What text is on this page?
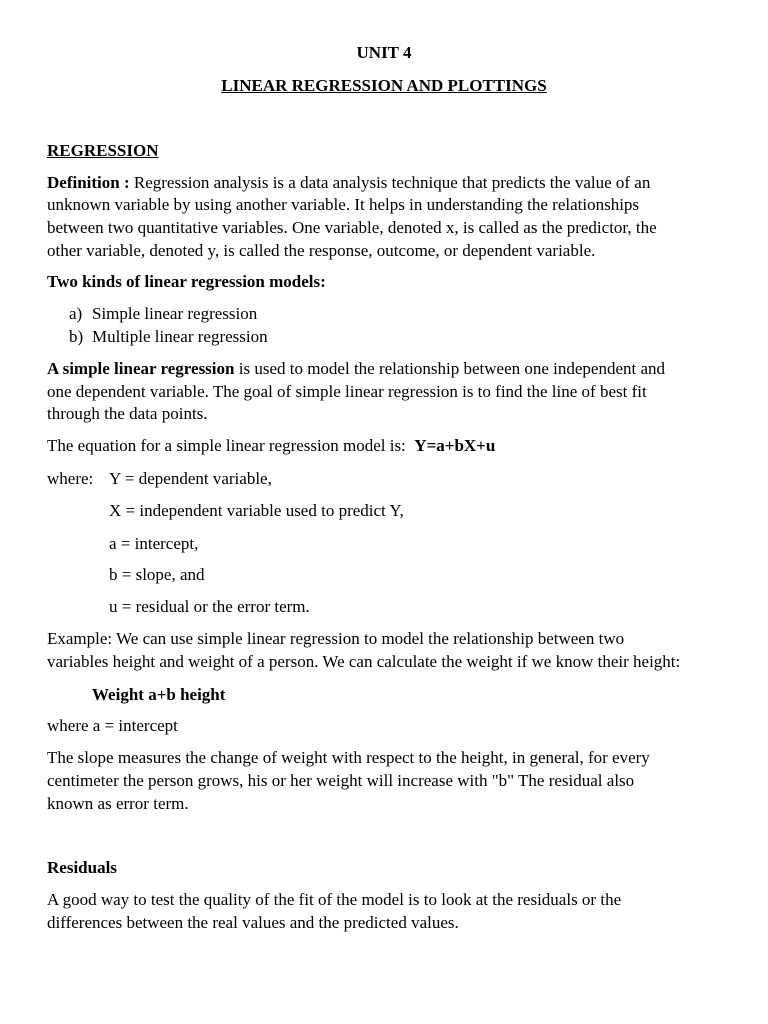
UNIT 4
LINEAR REGRESSION AND PLOTTINGS
REGRESSION
Definition : Regression analysis is a data analysis technique that predicts the value of an
unknown variable by using another variable. It helps in understanding the relationships
between two quantitative variables. One variable, denoted x, is called as the predictor, the
other variable, denoted y, is called the response, outcome, or dependent variable.
Two kinds of linear regression models:
a) Simple linear regression
b) Multiple linear regression
A simple linear regression is used to model the relationship between one independent and
one dependent variable. The goal of simple linear regression is to find the line of best fit
through the data points.
The equation for a simple linear regression model is: Y=a+bX+u
where: Y = dependent variable,
X = independent variable used to predict Y,
a = intercept,
b = slope, and
u = residual or the error term.
Example: We can use simple linear regression to model the relationship between two
variables height and weight of a person. We can calculate the weight if we know their height:
Weight a+b height
where a = intercept
The slope measures the change of weight with respect to the height, in general, for every
centimeter the person grows, his or her weight will increase with "b" The residual also
known as error term.
Residuals
A good way to test the quality of the fit of the model is to look at the residuals or the
differences between the real values and the predicted values.
